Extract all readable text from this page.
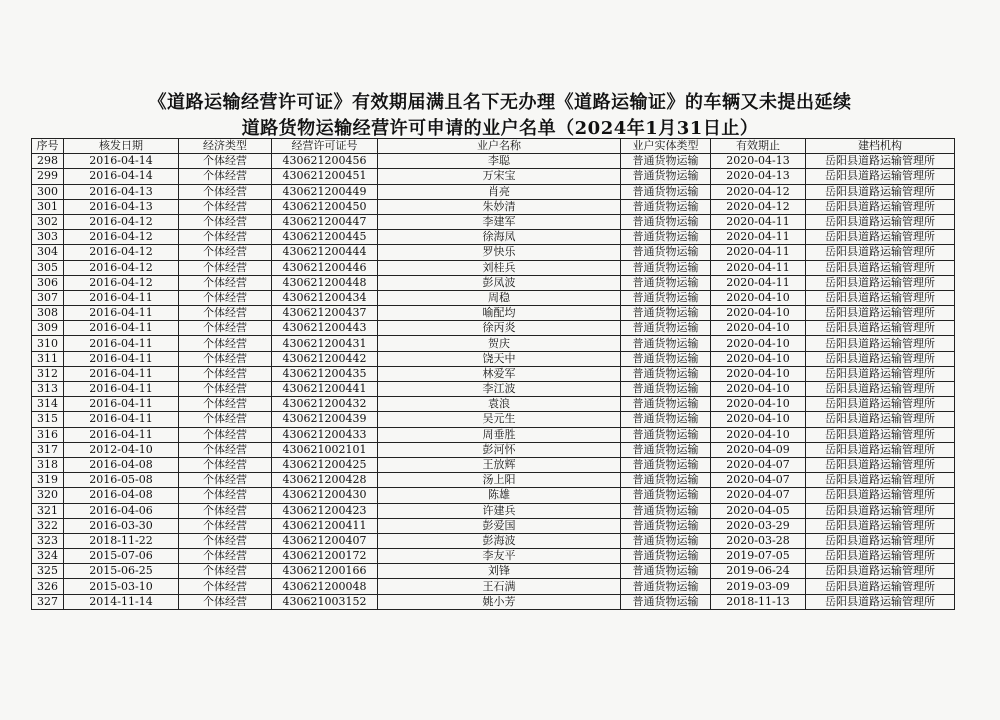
《道路运输经营许可证》有效期届满且名下无办理《道路运输证》的车辆又未提出延续
道路货物运输经营许可申请的业户名单（2024年1月31日止）
序号	核发日期	经济类型	经营许可证号	业户名称	业户实体类型	有效期止	建档机构
298	2016-04-14	个体经营	430621200456	李聪	普通货物运输	2020-04-13	岳阳县道路运输管理所
299	2016-04-14	个体经营	430621200451	万宋宝	普通货物运输	2020-04-13	岳阳县道路运输管理所
300	2016-04-13	个体经营	430621200449	肖亮	普通货物运输	2020-04-12	岳阳县道路运输管理所
301	2016-04-13	个体经营	430621200450	朱妙清	普通货物运输	2020-04-12	岳阳县道路运输管理所
302	2016-04-12	个体经营	430621200447	李建军	普通货物运输	2020-04-11	岳阳县道路运输管理所
303	2016-04-12	个体经营	430621200445	徐海凤	普通货物运输	2020-04-11	岳阳县道路运输管理所
304	2016-04-12	个体经营	430621200444	罗快乐	普通货物运输	2020-04-11	岳阳县道路运输管理所
305	2016-04-12	个体经营	430621200446	刘桂兵	普通货物运输	2020-04-11	岳阳县道路运输管理所
306	2016-04-12	个体经营	430621200448	彭凤波	普通货物运输	2020-04-11	岳阳县道路运输管理所
307	2016-04-11	个体经营	430621200434	周稳	普通货物运输	2020-04-10	岳阳县道路运输管理所
308	2016-04-11	个体经营	430621200437	喻配均	普通货物运输	2020-04-10	岳阳县道路运输管理所
309	2016-04-11	个体经营	430621200443	徐丙炎	普通货物运输	2020-04-10	岳阳县道路运输管理所
310	2016-04-11	个体经营	430621200431	贺庆	普通货物运输	2020-04-10	岳阳县道路运输管理所
311	2016-04-11	个体经营	430621200442	饶天中	普通货物运输	2020-04-10	岳阳县道路运输管理所
312	2016-04-11	个体经营	430621200435	林爱军	普通货物运输	2020-04-10	岳阳县道路运输管理所
313	2016-04-11	个体经营	430621200441	李江波	普通货物运输	2020-04-10	岳阳县道路运输管理所
314	2016-04-11	个体经营	430621200432	袁浪	普通货物运输	2020-04-10	岳阳县道路运输管理所
315	2016-04-11	个体经营	430621200439	吴元生	普通货物运输	2020-04-10	岳阳县道路运输管理所
316	2016-04-11	个体经营	430621200433	周垂胜	普通货物运输	2020-04-10	岳阳县道路运输管理所
317	2012-04-10	个体经营	430621002101	彭河怀	普通货物运输	2020-04-09	岳阳县道路运输管理所
318	2016-04-08	个体经营	430621200425	王放辉	普通货物运输	2020-04-07	岳阳县道路运输管理所
319	2016-05-08	个体经营	430621200428	汤上阳	普通货物运输	2020-04-07	岳阳县道路运输管理所
320	2016-04-08	个体经营	430621200430	陈雄	普通货物运输	2020-04-07	岳阳县道路运输管理所
321	2016-04-06	个体经营	430621200423	许建兵	普通货物运输	2020-04-05	岳阳县道路运输管理所
322	2016-03-30	个体经营	430621200411	彭爱国	普通货物运输	2020-03-29	岳阳县道路运输管理所
323	2018-11-22	个体经营	430621200407	彭海波	普通货物运输	2020-03-28	岳阳县道路运输管理所
324	2015-07-06	个体经营	430621200172	李友平	普通货物运输	2019-07-05	岳阳县道路运输管理所
325	2015-06-25	个体经营	430621200166	刘锋	普通货物运输	2019-06-24	岳阳县道路运输管理所
326	2015-03-10	个体经营	430621200048	王石满	普通货物运输	2019-03-09	岳阳县道路运输管理所
327	2014-11-14	个体经营	430621003152	姚小芳	普通货物运输	2018-11-13	岳阳县道路运输管理所
